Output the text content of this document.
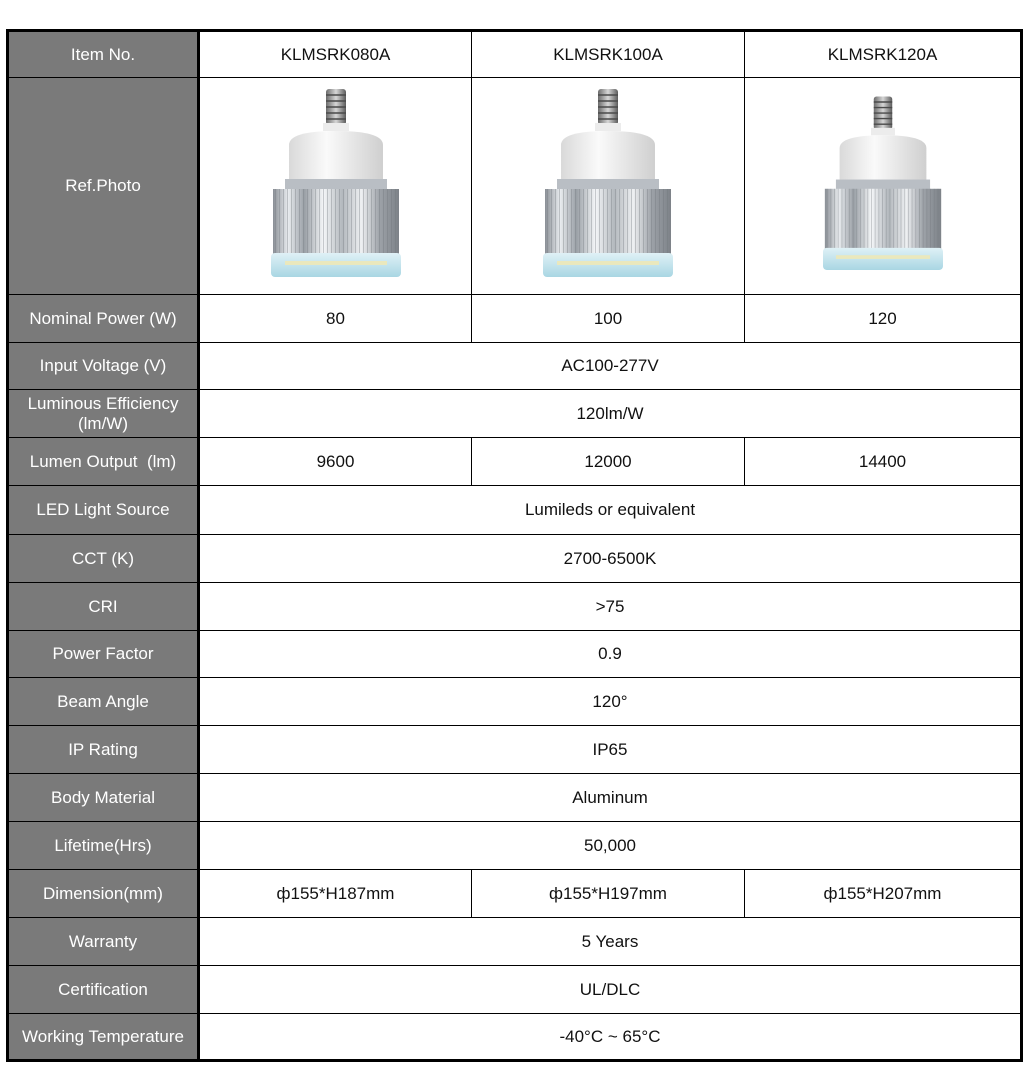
Item No.	KLMSRK080A	KLMSRK100A	KLMSRK120A
Ref.Photo	

Nominal Power (W)	80	100	120
Input Voltage (V)	AC100-277V		

Luminous Efficiency
(lm/W)	120lm/W		
Lumen Output  (lm)	9600	12000	14400
LED Light Source	Lumileds or equivalent		
CCT (K)	2700-6500K		
CRI	>75		
Power Factor	0.9		
Beam Angle	120°		
IP Rating	IP65		
Body Material	Aluminum		
Lifetime(Hrs)	50,000		
Dimension(mm)	ф155*H187mm	ф155*H197mm	ф155*H207mm
Warranty	5 Years		
Certification	UL/DLC		
Working Temperature	-40°C ~ 65°C		
